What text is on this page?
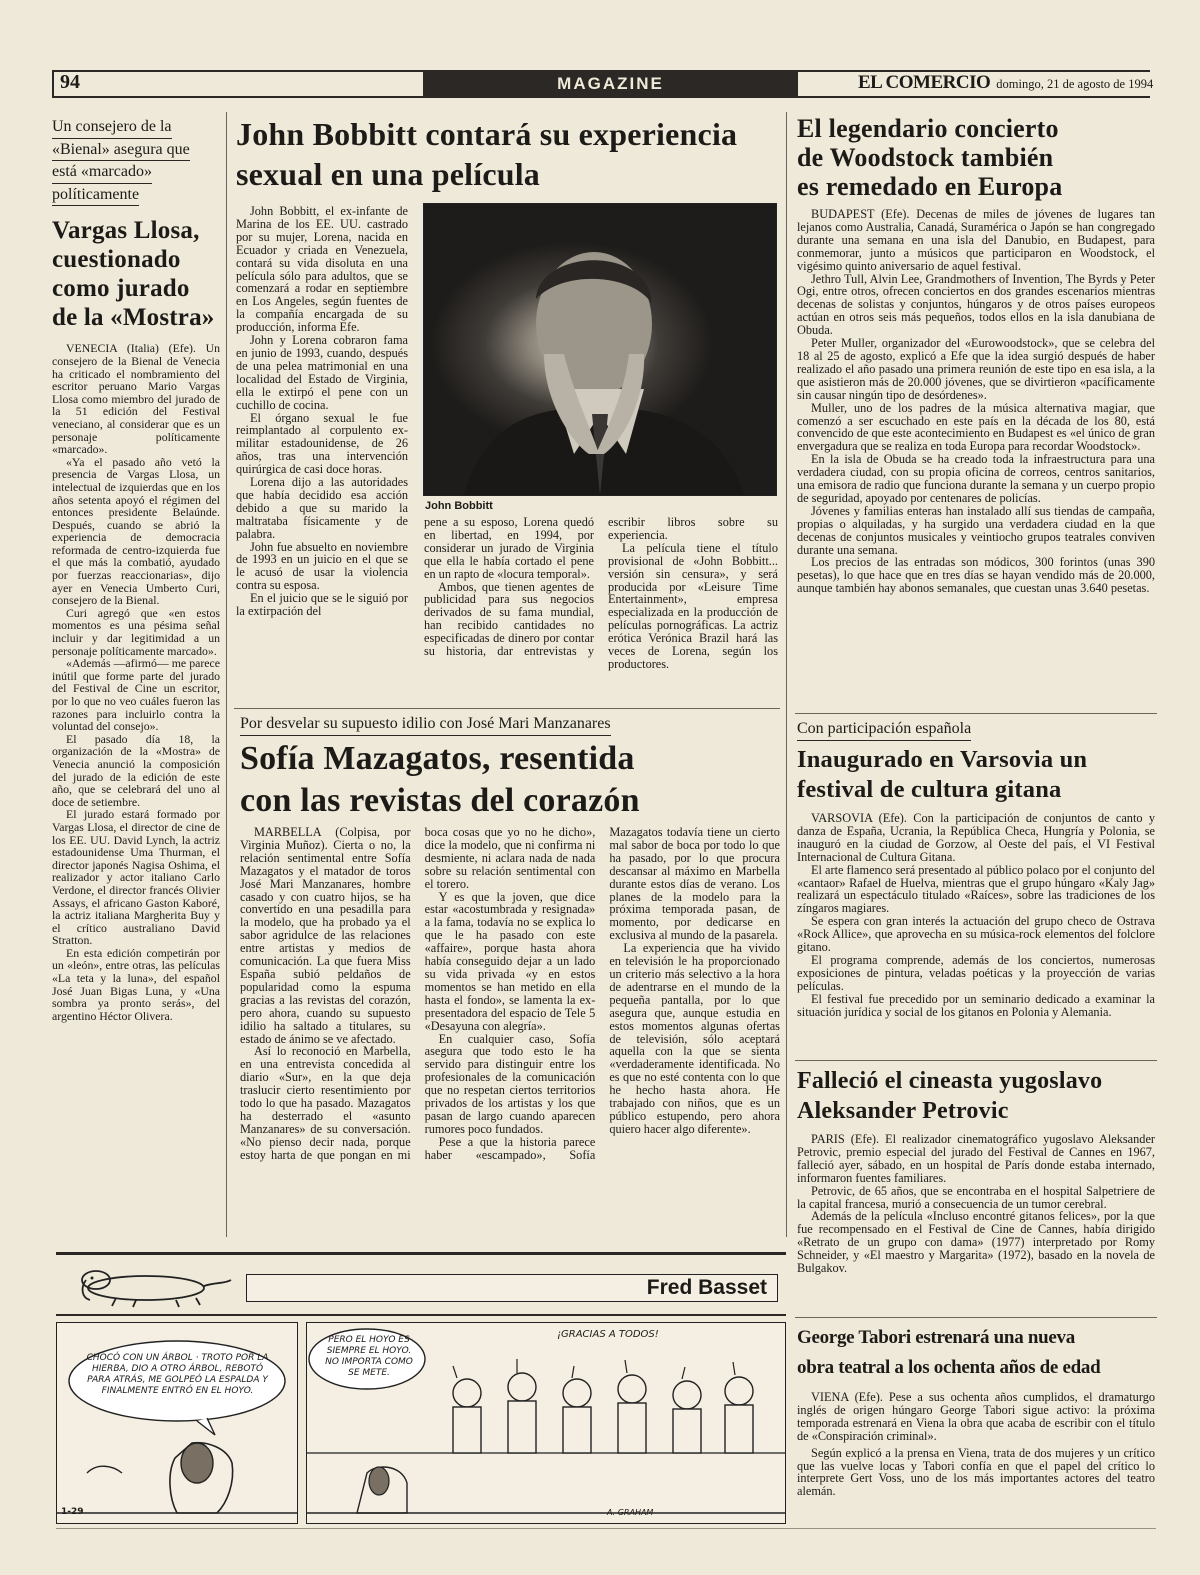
94	MAGAZINE	EL COMERCIO domingo, 21 de agosto de 1994
Un consejero de la
«Bienal» asegura que
está «marcado»
políticamente
Vargas Llosa,
cuestionado
como jurado
de la «Mostra»

VENECIA (Italia) (Efe). Un consejero de la Bienal de Venecia ha criticado el nombramiento del escritor peruano Mario Vargas Llosa como miembro del jurado de la 51 edición del Festival veneciano, al considerar que es un personaje políticamente «marcado».

«Ya el pasado año vetó la presencia de Vargas Llosa, un intelectual de izquierdas que en los años setenta apoyó el régimen del entonces presidente Belaúnde. Después, cuando se abrió la experiencia de democracia reformada de centro-izquierda fue el que más la combatió, ayudado por fuerzas reaccionarias», dijo ayer en Venecia Umberto Curi, consejero de la Bienal.

Curi agregó que «en estos momentos es una pésima señal incluir y dar legitimidad a un personaje políticamente marcado».

«Además —afirmó— me parece inútil que forme parte del jurado del Festival de Cine un escritor, por lo que no veo cuáles fueron las razones para incluirlo contra la voluntad del consejo».

El pasado día 18, la organización de la «Mostra» de Venecia anunció la composición del jurado de la edición de este año, que se celebrará del uno al doce de setiembre.

El jurado estará formado por Vargas Llosa, el director de cine de los EE. UU. David Lynch, la actriz estadounidense Uma Thurman, el director japonés Nagisa Oshima, el realizador y actor italiano Carlo Verdone, el director francés Olivier Assays, el africano Gaston Kaboré, la actriz italiana Margherita Buy y el crítico australiano David Stratton.

En esta edición competirán por un «león», entre otras, las películas «La teta y la luna», del español José Juan Bigas Luna, y «Una sombra ya pronto serás», del argentino Héctor Olivera.

John Bobbitt contará su experiencia
sexual en una película

John Bobbitt, el ex-infante de Marina de los EE. UU. castrado por su mujer, Lorena, nacida en Ecuador y criada en Venezuela, contará su vida disoluta en una película sólo para adultos, que se comenzará a rodar en septiembre en Los Angeles, según fuentes de la compañía encargada de su producción, informa Efe.

John y Lorena cobraron fama en junio de 1993, cuando, después de una pelea matrimonial en una localidad del Estado de Virginia, ella le extirpó el pene con un cuchillo de cocina.

El órgano sexual le fue reimplantado al corpulento ex-militar estadounidense, de 26 años, tras una intervención quirúrgica de casi doce horas.

Lorena dijo a las autoridades que había decidido esa acción debido a que su marido la maltrataba físicamente y de palabra.

John fue absuelto en noviembre de 1993 en un juicio en el que se le acusó de usar la violencia contra su esposa.

En el juicio que se le siguió por la extirpación del

John Bobbitt

pene a su esposo, Lorena quedó en libertad, en 1994, por considerar un jurado de Virginia que ella le había cortado el pene en un rapto de «locura temporal».

Ambos, que tienen agentes de publicidad para sus negocios derivados de su fama mundial, han recibido cantidades no especificadas de dinero por contar su historia, dar entrevistas y escribir libros sobre su experiencia.

La película tiene el título provisional de «John Bobbitt... versión sin censura», y será producida por «Leisure Time Entertainment», empresa especializada en la producción de películas pornográficas. La actriz erótica Verónica Brazil hará las veces de Lorena, según los productores.

El legendario concierto
de Woodstock también
es remedado en Europa

BUDAPEST (Efe). Decenas de miles de jóvenes de lugares tan lejanos como Australia, Canadá, Suramérica o Japón se han congregado durante una semana en una isla del Danubio, en Budapest, para conmemorar, junto a músicos que participaron en Woodstock, el vigésimo quinto aniversario de aquel festival.

Jethro Tull, Alvin Lee, Grandmothers of Invention, The Byrds y Peter Ogi, entre otros, ofrecen conciertos en dos grandes escenarios mientras decenas de solistas y conjuntos, húngaros y de otros países europeos actúan en otros seis más pequeños, todos ellos en la isla danubiana de Obuda.

Peter Muller, organizador del «Eurowoodstock», que se celebra del 18 al 25 de agosto, explicó a Efe que la idea surgió después de haber realizado el año pasado una primera reunión de este tipo en esa isla, a la que asistieron más de 20.000 jóvenes, que se divirtieron «pacíficamente sin causar ningún tipo de desórdenes».

Muller, uno de los padres de la música alternativa magiar, que comenzó a ser escuchado en este país en la década de los 80, está convencido de que este acontecimiento en Budapest es «el único de gran envergadura que se realiza en toda Europa para recordar Woodstock».

En la isla de Obuda se ha creado toda la infraestructura para una verdadera ciudad, con su propia oficina de correos, centros sanitarios, una emisora de radio que funciona durante la semana y un cuerpo propio de seguridad, apoyado por centenares de policías.

Jóvenes y familias enteras han instalado allí sus tiendas de campaña, propias o alquiladas, y ha surgido una verdadera ciudad en la que decenas de conjuntos musicales y veintiocho grupos teatrales conviven durante una semana.

Los precios de las entradas son módicos, 300 forintos (unas 390 pesetas), lo que hace que en tres días se hayan vendido más de 20.000, aunque también hay abonos semanales, que cuestan unas 3.640 pesetas.

Por desvelar su supuesto idilio con José Mari Manzanares
Sofía Mazagatos, resentida
con las revistas del corazón

MARBELLA (Colpisa, por Virginia Muñoz). Cierta o no, la relación sentimental entre Sofía Mazagatos y el matador de toros José Mari Manzanares, hombre casado y con cuatro hijos, se ha convertido en una pesadilla para la modelo, que ha probado ya el sabor agridulce de las relaciones entre artistas y medios de comunicación. La que fuera Miss España subió peldaños de popularidad como la espuma gracias a las revistas del corazón, pero ahora, cuando su supuesto idilio ha saltado a titulares, su estado de ánimo se ve afectado.

Así lo reconoció en Marbella, en una entrevista concedida al diario «Sur», en la que deja traslucir cierto resentimiento por todo lo que ha pasado. Mazagatos ha desterrado el «asunto Manzanares» de su conversación. «No pienso decir nada, porque estoy harta de que pongan en mi boca cosas que yo no he dicho», dice la modelo, que ni confirma ni desmiente, ni aclara nada de nada sobre su relación sentimental con el torero.

Y es que la joven, que dice estar «acostumbrada y resignada» a la fama, todavía no se explica lo que le ha pasado con este «affaire», porque hasta ahora había conseguido dejar a un lado su vida privada «y en estos momentos se han metido en ella hasta el fondo», se lamenta la ex-presentadora del espacio de Tele 5 «Desayuna con alegría».

En cualquier caso, Sofía asegura que todo esto le ha servido para distinguir entre los profesionales de la comunicación que no respetan ciertos territorios privados de los artistas y los que pasan de largo cuando aparecen rumores poco fundados.

Pese a que la historia parece haber «escampado», Sofía Mazagatos todavía tiene un cierto mal sabor de boca por todo lo que ha pasado, por lo que procura descansar al máximo en Marbella durante estos días de verano. Los planes de la modelo para la próxima temporada pasan, de momento, por dedicarse en exclusiva al mundo de la pasarela.

La experiencia que ha vivido en televisión le ha proporcionado un criterio más selectivo a la hora de adentrarse en el mundo de la pequeña pantalla, por lo que asegura que, aunque estudia en estos momentos algunas ofertas de televisión, sólo aceptará aquella con la que se sienta «verdaderamente identificada. No es que no esté contenta con lo que he hecho hasta ahora. He trabajado con niños, que es un público estupendo, pero ahora quiero hacer algo diferente».

Con participación española
Inaugurado en Varsovia un
festival de cultura gitana

VARSOVIA (Efe). Con la participación de conjuntos de canto y danza de España, Ucrania, la República Checa, Hungría y Polonia, se inauguró en la ciudad de Gorzow, al Oeste del país, el VI Festival Internacional de Cultura Gitana.

El arte flamenco será presentado al público polaco por el conjunto del «cantaor» Rafael de Huelva, mientras que el grupo húngaro «Kaly Jag» realizará un espectáculo titulado «Raíces», sobre las tradiciones de los zíngaros magiares.

Se espera con gran interés la actuación del grupo checo de Ostrava «Rock Allice», que aprovecha en su música-rock elementos del folclore gitano.

El programa comprende, además de los conciertos, numerosas exposiciones de pintura, veladas poéticas y la proyección de varias películas.

El festival fue precedido por un seminario dedicado a examinar la situación jurídica y social de los gitanos en Polonia y Alemania.

Falleció el cineasta yugoslavo
Aleksander Petrovic

PARIS (Efe). El realizador cinematográfico yugoslavo Aleksander Petrovic, premio especial del jurado del Festival de Cannes en 1967, falleció ayer, sábado, en un hospital de París donde estaba internado, informaron fuentes familiares.

Petrovic, de 65 años, que se encontraba en el hospital Salpetriere de la capital francesa, murió a consecuencia de un tumor cerebral.

Además de la película «Incluso encontré gitanos felices», por la que fue recompensado en el Festival de Cine de Cannes, había dirigido «Retrato de un grupo con dama» (1977) interpretado por Romy Schneider, y «El maestro y Margarita» (1972), basado en la novela de Bulgakov.

George Tabori estrenará una nueva
obra teatral a los ochenta años de edad

VIENA (Efe). Pese a sus ochenta años cumplidos, el dramaturgo inglés de origen húngaro George Tabori sigue activo: la próxima temporada estrenará en Viena la obra que acaba de escribir con el título de «Conspiración criminal».

Según explicó a la prensa en Viena, trata de dos mujeres y un crítico que las vuelve locas y Tabori confía en que el papel del crítico lo interprete Gert Voss, uno de los más importantes actores del teatro alemán.

Fred Basset
CHOCÓ CON UN ÁRBOL · TROTO POR LA HIERBA, DIO A OTRO ÁRBOL, REBOTÓ PARA ATRÁS, ME GOLPEÓ LA ESPALDA Y FINALMENTE ENTRÓ EN EL HOYO.
1-29
PERO EL HOYO ES SIEMPRE EL HOYO. NO IMPORTA COMO SE METE.
¡GRACIAS A TODOS!
A. GRAHAM
